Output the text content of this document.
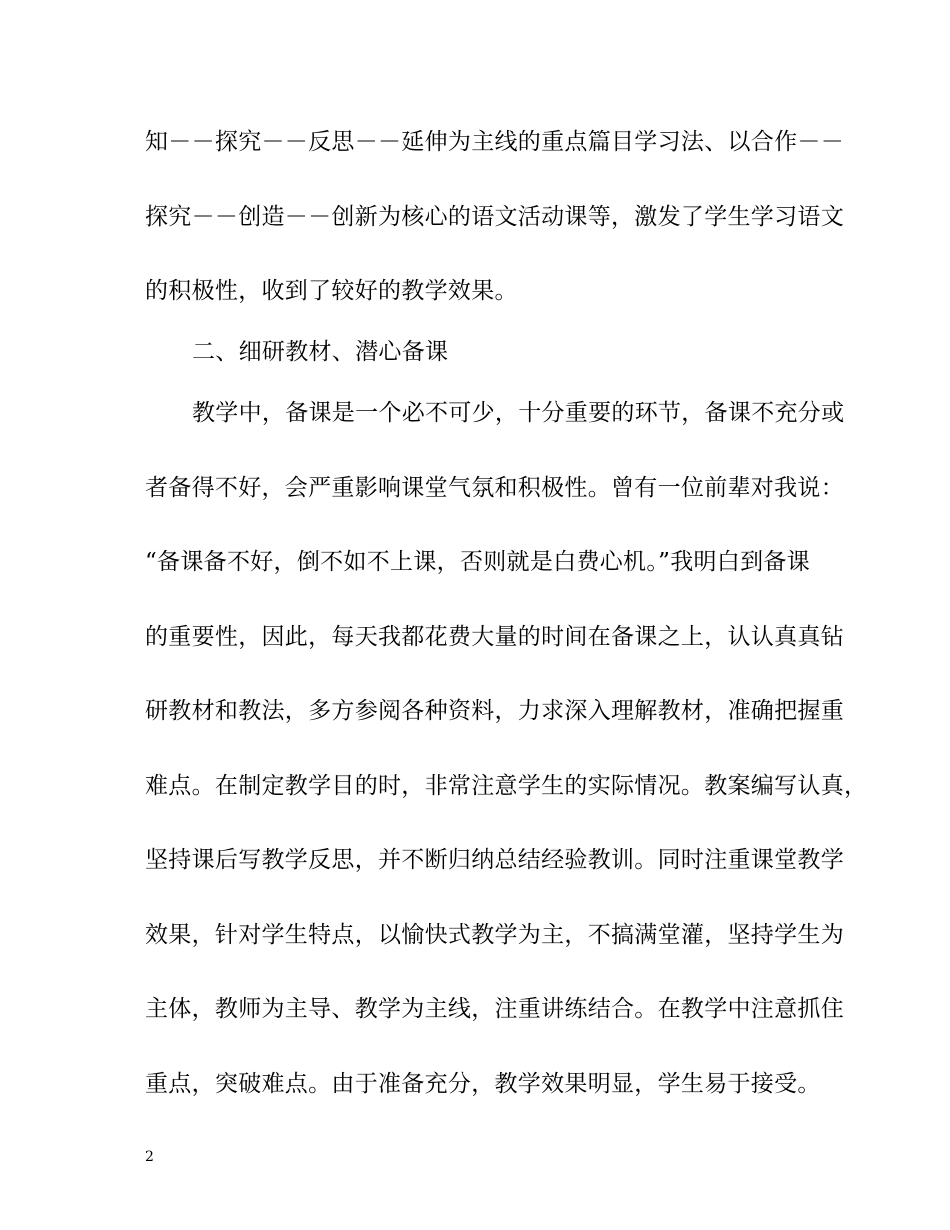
知－－探究－－反思－－延伸为主线的重点篇目学习法、以合作－－
探究－－创造－－创新为核心的语文活动课等，激发了学生学习语文
的积极性，收到了较好的教学效果。
二、细研教材、潜心备课
教学中，备课是一个必不可少，十分重要的环节，备课不充分或
者备得不好，会严重影响课堂气氛和积极性。曾有一位前辈对我说：
“备课备不好，倒不如不上课，否则就是白费心机。”我明白到备课
的重要性，因此，每天我都花费大量的时间在备课之上，认认真真钻
研教材和教法，多方参阅各种资料，力求深入理解教材，准确把握重
难点。在制定教学目的时，非常注意学生的实际情况。教案编写认真，
坚持课后写教学反思，并不断归纳总结经验教训。同时注重课堂教学
效果，针对学生特点，以愉快式教学为主，不搞满堂灌，坚持学生为
主体，教师为主导、教学为主线，注重讲练结合。在教学中注意抓住
重点，突破难点。由于准备充分，教学效果明显，学生易于接受。
2
